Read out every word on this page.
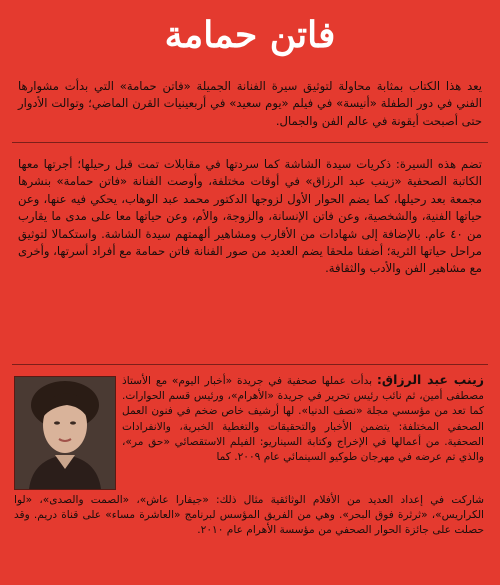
فاتن حمامة

يعد هذا الكتاب بمثابة محاولة لتوثيق سيرة الفنانة الجميلة «فاتن حمامة» التي بدأت مشوارها الفني في دور الطفلة «أنيسة» في فيلم «يوم سعيد» في أربعينيات القرن الماضي؛ وتوالت الأدوار حتى أصبحت أيقونة في عالم الفن والجمال.

تضم هذه السيرة: ذكريات سيدة الشاشة كما سردتها في مقابلات تمت قبل رحيلها؛ أجرتها معها الكاتبة الصحفية «زينب عبد الرزاق» في أوقات مختلفة، وأوصت الفنانة «فاتن حمامة» بنشرها مجمعة بعد رحيلها، كما يضم الحوار الأول لزوجها الدكتور محمد عبد الوهاب، يحكي فيه عنها، وعن حياتها الفنية، والشخصية، وعن فاتن الإنسانة، والزوجة، والأم، وعن حياتها معا على مدى ما يقارب من ٤٠ عام. بالإضافة إلى شهادات من الأقارب ومشاهير ألهمتهم سيدة الشاشة. واستكمالا لتوثيق مراحل حياتها الثرية؛ أضفنا ملحقا يضم العديد من صور الفنانة فاتن حمامة مع أفراد أسرتها، وأخرى مع مشاهير الفن والأدب والثقافة.

زينب عبد الرزاق: بدأت عملها صحفية في جريدة «أخبار اليوم» مع الأستاذ مصطفى أمين، ثم نائب رئيس تحرير في جريدة «الأهرام»، ورئيس قسم الحوارات. كما تعد من مؤسسي مجلة «نصف الدنيا». لها أرشيف خاص ضخم في فنون العمل الصحفي المختلفة: يتضمن الأخبار والتحقيقات والتغطية الخبرية، والانفرادات الصحفية. من أعمالها في الإخراج وكتابة السيناريو: الفيلم الاستقصائي «حق مر»، والذي تم عرضه في مهرجان طوكيو السينمائي عام ٢٠٠٩. كما

شاركت في إعداد العديد من الأفلام الوثائقية مثال ذلك: «جيفارا عاش»، «الصمت والصدى»، «لوا الكراريس»، «ثرثرة فوق البحر». وهي من الفريق المؤسس لبرنامج «العاشرة مساء» على قناة دريم. وقد حصلت على جائزة الحوار الصحفي من مؤسسة الأهرام عام ٢٠١٠.
